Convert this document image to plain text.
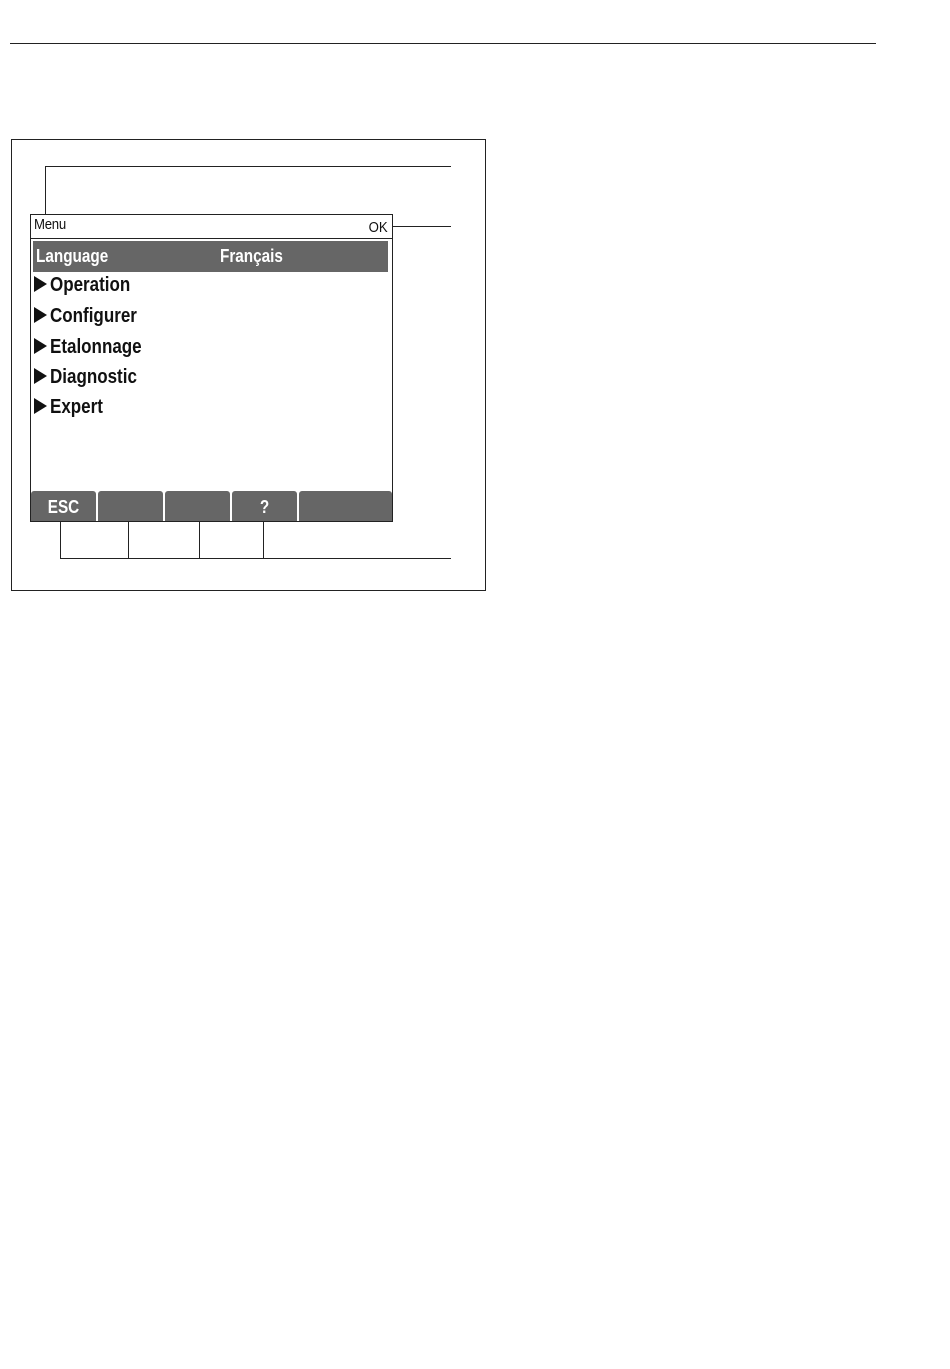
Menu	OK
Language	Français
Operation
Configurer
Etalonnage
Diagnostic
Expert
ESC	?
